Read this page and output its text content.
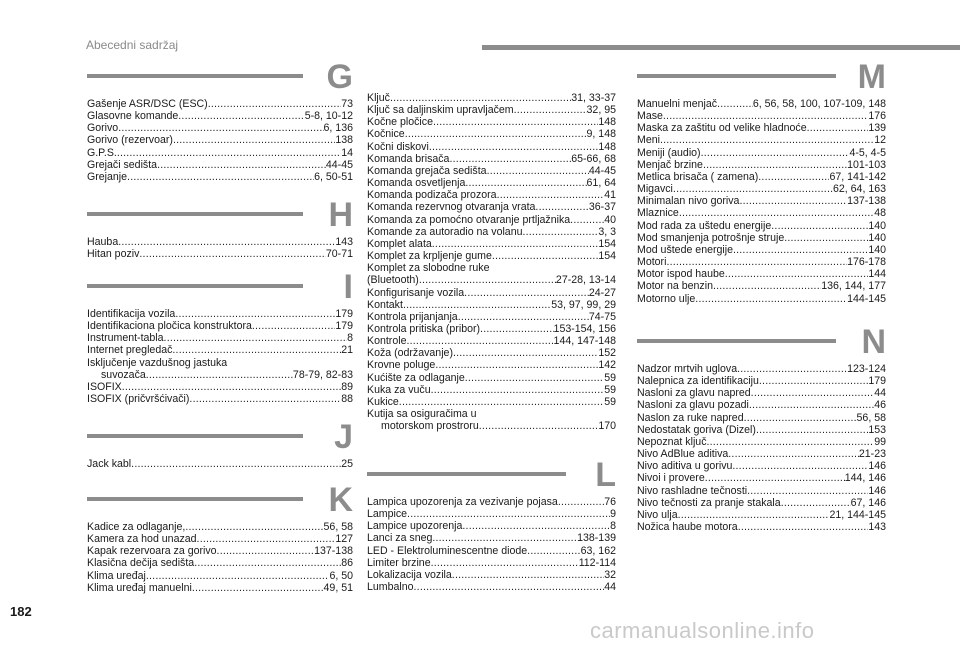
Abecedni sadržaj
G
Gašenje ASR/DSC (ESC) .....	73
Glasovne komande .....	5-8, 10-12
Gorivo .....	6, 136
Gorivo (rezervoar) .....	138
G.P.S. .....	14
Grejači sedišta .....	44-45
Grejanje .....	6, 50-51
H
Hauba .....	143
Hitan poziv .....	70-71
I
Identifikacija vozila .....	179
Identifikaciona pločica konstruktora .....	179
Instrument-tabla .....	8
Internet pregledač .....	21
Isključenje vazdušnog jastuka
suvozača .....	78-79, 82-83
ISOFIX .....	89
ISOFIX (pričvršćivači) .....	88
J
Jack kabl .....	25
K
Kadice za odlaganje, .....	56, 58
Kamera za hod unazad .....	127
Kapak rezervoara za gorivo .....	137-138
Klasična dečija sedišta .....	86
Klima uređaj .....	6, 50
Klima uređaj manuelni .....	49, 51
Ključ .....	31, 33-37
Ključ sa daljinskim upravljačem .....	32, 95
Kočne pločice .....	148
Kočnice .....	9, 148
Kočni diskovi .....	148
Komanda brisača .....	65-66, 68
Komanda grejača sedišta .....	44-45
Komanda osvetljenja .....	61, 64
Komanda podizača prozora .....	41
Komanda rezervnog otvaranja vrata .....	36-37
Komanda za pomoćno otvaranje prtljažnika .....	40
Komande za autoradio na volanu .....	3, 3
Komplet alata .....	154
Komplet za krpljenje gume .....	154
Komplet za slobodne ruke
(Bluetooth) .....	27-28, 13-14
Konfigurisanje vozila .....	24-27
Kontakt .....	53, 97, 99, 29
Kontrola prijanjanja .....	74-75
Kontrola pritiska (pribor) .....	153-154, 156
Kontrole .....	144, 147-148
Koža (održavanje) .....	152
Krovne poluge .....	142
Kućište za odlaganje .....	59
Kuka za vuču .....	59
Kukice .....	59
Kutija sa osiguračima u
motorskom prostroru .....	170
L
Lampica upozorenja za vezivanje pojasa .....	76
Lampice .....	9
Lampice upozorenja .....	8
Lanci za sneg .....	138-139
LED - Elektroluminescentne diode .....	63, 162
Limiter brzine .....	112-114
Lokalizacija vozila .....	32
Lumbalno .....	44
M
Manuelni menjač .....	6, 56, 58, 100, 107-109, 148
Mase .....	176
Maska za zaštitu od velike hladnoće .....	139
Meni .....	12
Meniji (audio) .....	4-5, 4-5
Menjač brzine .....	101-103
Metlica brisača ( zamena) .....	67, 141-142
Migavci .....	62, 64, 163
Minimalan nivo goriva .....	137-138
Mlaznice .....	48
Mod rada za uštedu energije .....	140
Mod smanjenja potrošnje struje .....	140
Mod uštede energije .....	140
Motori .....	176-178
Motor ispod haube .....	144
Motor na benzin .....	136, 144, 177
Motorno ulje .....	144-145
N
Nadzor mrtvih uglova .....	123-124
Nalepnica za identifikaciju .....	179
Nasloni za glavu napred .....	44
Nasloni za glavu pozadi .....	46
Naslon za ruke napred .....	56, 58
Nedostatak goriva (Dizel) .....	153
Nepoznat ključ .....	99
Nivo AdBlue aditiva .....	21-23
Nivo aditiva u gorivu .....	146
Nivoi i provere .....	144, 146
Nivo rashladne tečnosti .....	146
Nivo tečnosti za pranje stakala .....	67, 146
Nivo ulja .....	21, 144-145
Nožica haube motora .....	143
182
carmanualsonline.info
